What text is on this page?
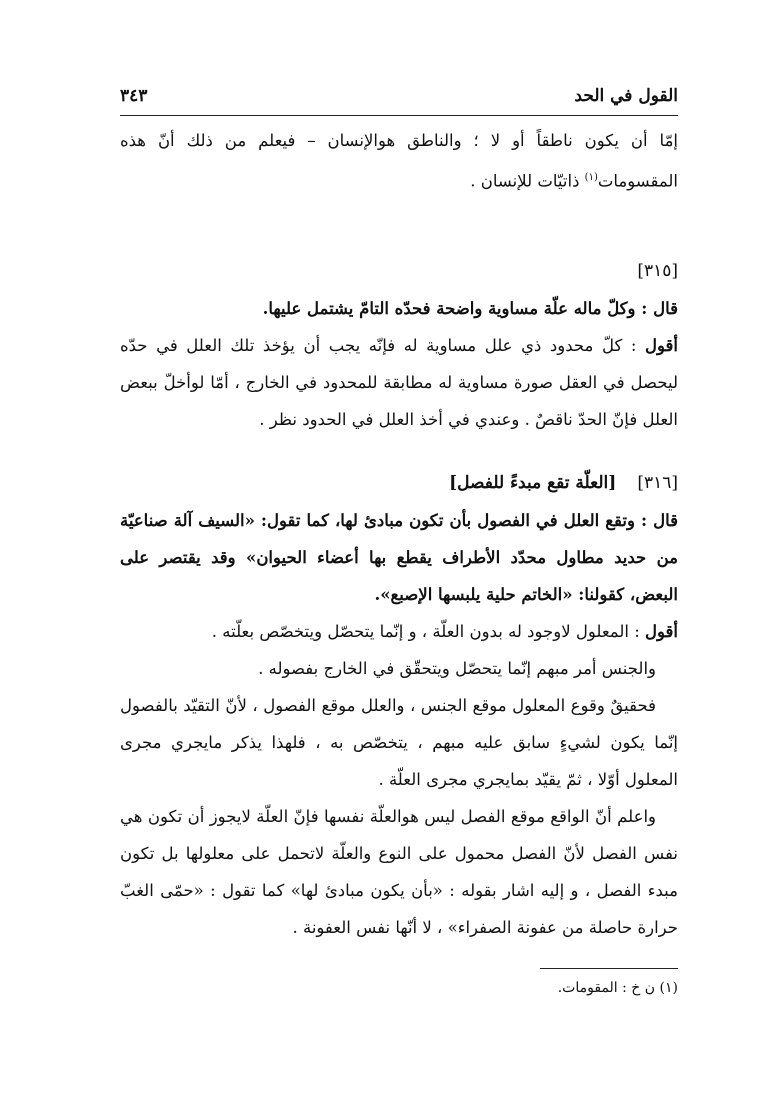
القول في الحد
٣٤٣

إمّا أن يكون ناطقاً أو لا ؛ والناطق هوالإنسان – فيعلم من ذلك أنّ هذه المقسومات$^{(١)}$ ذاتيّات للإنسان .

[٣١٥]

قال : وكلّ ماله علّة مساوية واضحة فحدّه التامّ يشتمل عليها.

أقول : كلّ محدود ذي علل مساوية له فإنّه يجب أن يؤخذ تلك العلل في حدّه ليحصل في العقل صورة مساوية له مطابقة للمحدود في الخارج ، أمّا لوأخلّ ببعض العلل فإنّ الحدّ ناقصٌ . وعندي في أخذ العلل في الحدود نظر .

[٣١٦]    [العلّة تقع مبدءً للفصل]

قال : وتقع العلل في الفصول بأن تكون مبادئ لها، كما تقول: «السيف آلة صناعيّة من حديد مطاول محدّد الأطراف يقطع بها أعضاء الحيوان» وقد يقتصر على البعض، كقولنا: «الخاتم حلية يلبسها الإصبع».

أقول : المعلول لاوجود له بدون العلّة ، و إنّما يتحصّل ويتخصّص بعلّته .

والجنس أمر مبهم إنّما يتحصّل ويتحقّق في الخارج بفصوله .

فحقيقٌ وقوع المعلول موقع الجنس ، والعلل موقع الفصول ، لأنّ التقيّد بالفصول إنّما يكون لشيءٍ سابق عليه مبهم ، يتخصّص به ، فلهذا يذكر مايجري مجرى المعلول أوّلا ، ثمّ يقيّد بمايجري مجرى العلّة .

واعلم أنّ الواقع موقع الفصل ليس هوالعلّة نفسها فإنّ العلّة لايجوز أن تكون هي نفس الفصل لأنّ الفصل محمول على النوع والعلّة لاتحمل على معلولها بل تكون مبدء الفصل ، و إليه اشار بقوله : «بأن يكون مبادئ لها» كما تقول : «حمّى الغبّ حرارة حاصلة من عفونة الصفراء» ، لا أنّها نفس العفونة .

(١) ن خ : المقومات.
